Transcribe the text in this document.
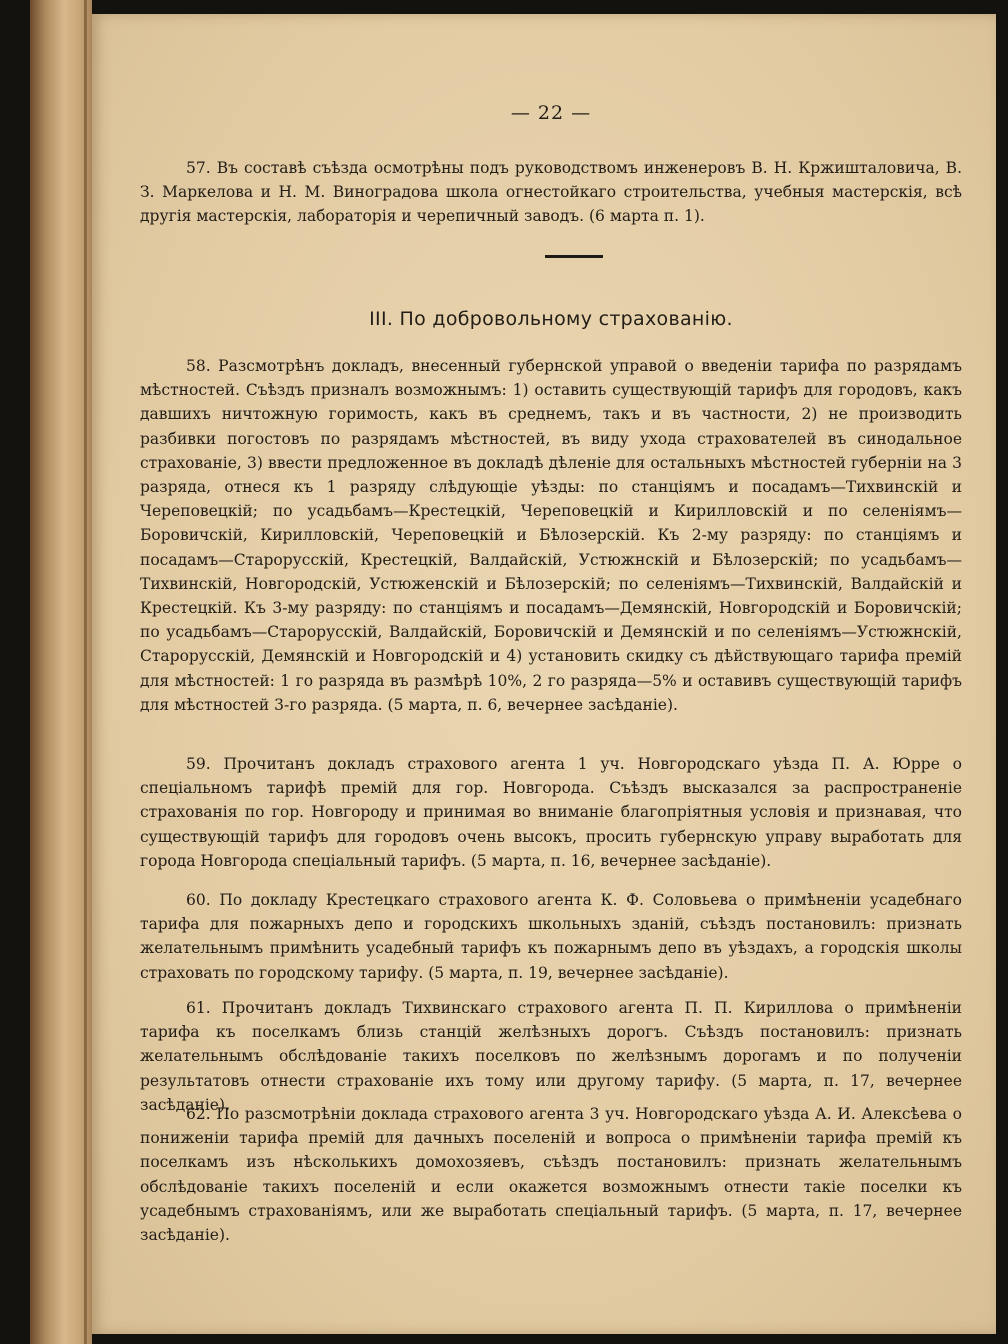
— 22 —

57. Въ составѣ съѣзда осмотрѣны подъ руководствомъ инженеровъ В. Н. Кржишталовича, В. З. Маркелова и Н. М. Виноградова школа огнестойкаго строительства, учебныя мастерскія, всѣ другія мастерскія, лабораторія и черепичный заводъ. (6 марта п. 1).

III. По добровольному страхованію.

58. Разсмотрѣнъ докладъ, внесенный губернской управой о введеніи тарифа по разрядамъ мѣстностей. Съѣздъ призналъ возможнымъ: 1) оставить существующій тарифъ для городовъ, какъ давшихъ ничтожную горимость, какъ въ среднемъ, такъ и въ частности, 2) не производить разбивки погостовъ по разрядамъ мѣстностей, въ виду ухода страхователей въ синодальное страхованіе, 3) ввести предложенное въ докладѣ дѣленіе для остальныхъ мѣстностей губерніи на 3 разряда, отнеся къ 1 разряду слѣдующіе уѣзды: по станціямъ и посадамъ—Тихвинскій и Череповецкій; по усадьбамъ—Крестецкій, Череповецкій и Кирилловскій и по селеніямъ—Боровичскій, Кирилловскій, Череповецкій и Бѣлозерскій. Къ 2-му разряду: по станціямъ и посадамъ—Старорусскій, Крестецкій, Валдайскій, Устюжнскій и Бѣлозерскій; по усадьбамъ—Тихвинскій, Новгородскій, Устюженскій и Бѣлозерскій; по селеніямъ—Тихвинскій, Валдайскій и Крестецкій. Къ 3-му разряду: по станціямъ и посадамъ—Демянскій, Новгородскій и Боровичскій; по усадьбамъ—Старорусскій, Валдайскій, Боровичскій и Демянскій и по селеніямъ—Устюжнскій, Старорусскій, Демянскій и Новгородскій и 4) установить скидку съ дѣйствующаго тарифа премій для мѣстностей: 1 го разряда въ размѣрѣ 10%, 2 го разряда—5% и оставивъ существующій тарифъ для мѣстностей 3-го разряда. (5 марта, п. 6, вечернее засѣданіе).

59. Прочитанъ докладъ страхового агента 1 уч. Новгородскаго уѣзда П. А. Юрре о спеціальномъ тарифѣ премій для гор. Новгорода. Съѣздъ высказался за распространеніе страхованія по гор. Новгороду и принимая во вниманіе благопріятныя условія и признавая, что существующій тарифъ для городовъ очень высокъ, просить губернскую управу выработать для города Новгорода спеціальный тарифъ. (5 марта, п. 16, вечернее засѣданіе).

60. По докладу Крестецкаго страхового агента К. Ф. Соловьева о примѣненіи усадебнаго тарифа для пожарныхъ депо и городскихъ школьныхъ зданій, съѣздъ постановилъ: признать желательнымъ примѣнить усадебный тарифъ къ пожарнымъ депо въ уѣздахъ, а городскія школы страховать по городскому тарифу. (5 марта, п. 19, вечернее засѣданіе).

61. Прочитанъ докладъ Тихвинскаго страхового агента П. П. Кириллова о примѣненіи тарифа къ поселкамъ близь станцій желѣзныхъ дорогъ. Съѣздъ постановилъ: признать желательнымъ обслѣдованіе такихъ поселковъ по желѣзнымъ дорогамъ и по полученіи результатовъ отнести страхованіе ихъ тому или другому тарифу. (5 марта, п. 17, вечернее засѣданіе).

62. По разсмотрѣніи доклада страхового агента 3 уч. Новгородскаго уѣзда А. И. Алексѣева о пониженіи тарифа премій для дачныхъ поселеній и вопроса о примѣненіи тарифа премій къ поселкамъ изъ нѣсколькихъ домохозяевъ, съѣздъ постановилъ: признать желательнымъ обслѣдованіе такихъ поселеній и если окажется возможнымъ отнести такіе поселки къ усадебнымъ страхованіямъ, или же выработать спеціальный тарифъ. (5 марта, п. 17, вечернее засѣданіе).
